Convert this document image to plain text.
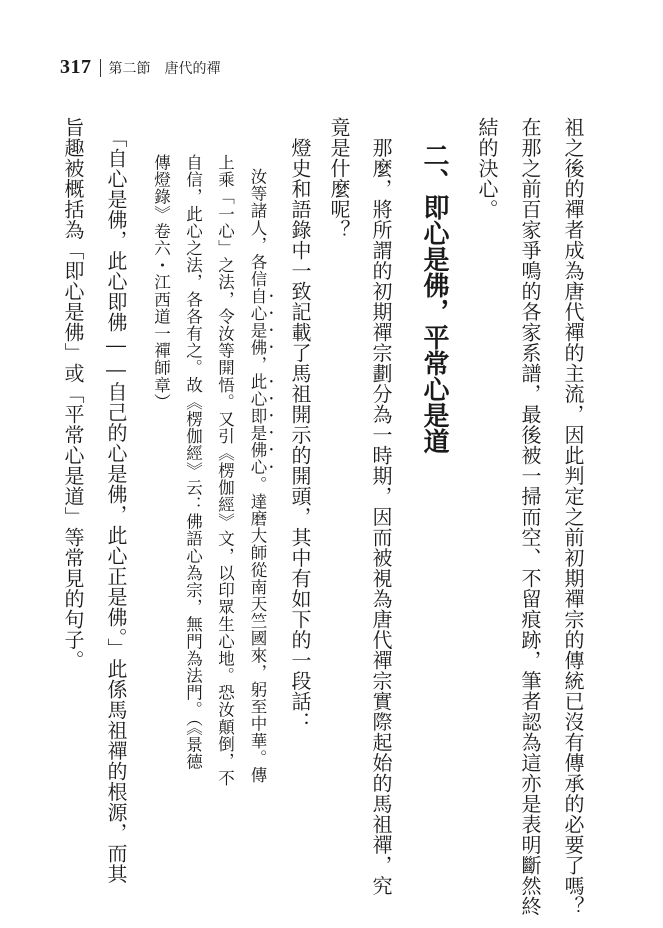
317 第二節　唐代的禪
祖之後的禪者成為唐代禪的主流，因此判定之前初期禪宗的傳統已沒有傳承的必要了嗎？
在那之前百家爭鳴的各家系譜，最後被一掃而空、不留痕跡，筆者認為這亦是表明斷然終
結的決心。
二、即心是佛，平常心是道
　那麼，將所謂的初期禪宗劃分為一時期，因而被視為唐代禪宗實際起始的馬祖禪，究
竟是什麼呢？
　燈史和語錄中一致記載了馬祖開示的開頭，其中有如下的一段話：
汝等諸人，各信自心是佛，此心即是佛心。達磨大師從南天竺國來，躬至中華。傳
上乘「一心」之法，令汝等開悟。又引《楞伽經》文，以印眾生心地。恐汝顛倒，不
自信，此心之法，各各有之。故《楞伽經》云：佛語心為宗，無門為法門。（《景德
傳燈錄》卷六・江西道一禪師章）
　「自心是佛，此心即佛――自己的心是佛，此心正是佛。」此係馬祖禪的根源，而其
旨趣被概括為「即心是佛」或「平常心是道」等常見的句子。
